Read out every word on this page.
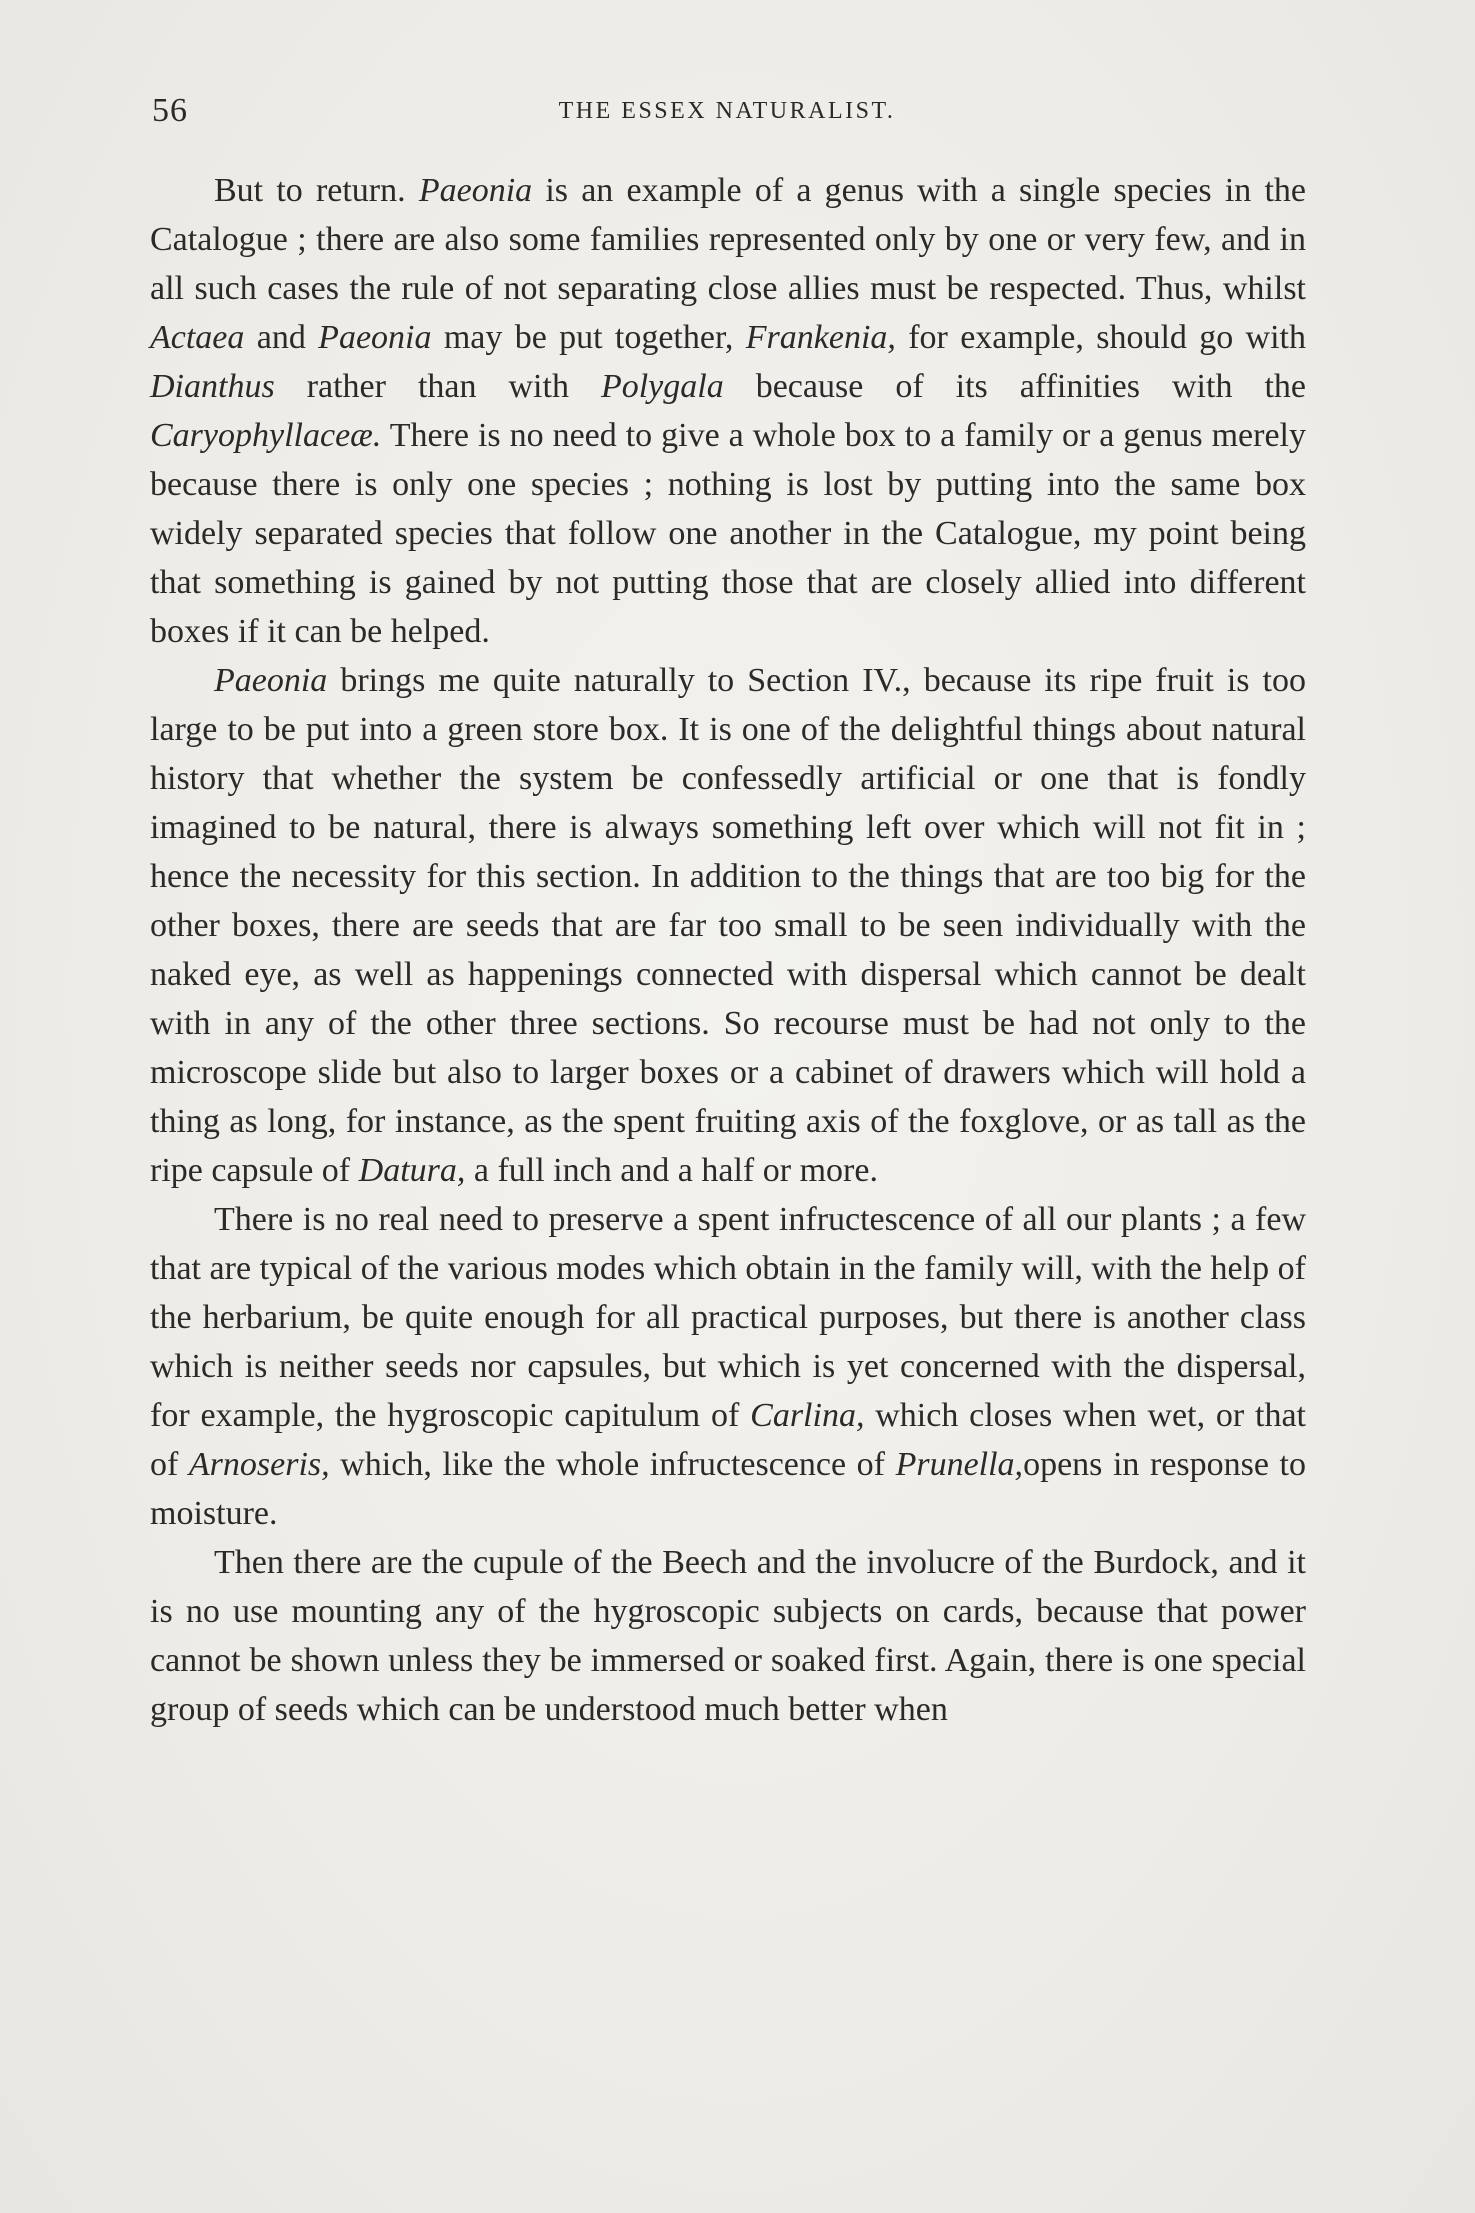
56	THE ESSEX NATURALIST.

But to return. Paeonia is an example of a genus with a single species in the Catalogue ; there are also some families represented only by one or very few, and in all such cases the rule of not separating close allies must be respected. Thus, whilst Actaea and Paeonia may be put together, Frankenia, for example, should go with Dianthus rather than with Polygala because of its affinities with the Caryophyllaceæ. There is no need to give a whole box to a family or a genus merely because there is only one species ; nothing is lost by putting into the same box widely separated species that follow one another in the Catalogue, my point being that something is gained by not putting those that are closely allied into different boxes if it can be helped.

Paeonia brings me quite naturally to Section IV., because its ripe fruit is too large to be put into a green store box. It is one of the delightful things about natural history that whether the system be confessedly artificial or one that is fondly imagined to be natural, there is always something left over which will not fit in ; hence the necessity for this section. In addition to the things that are too big for the other boxes, there are seeds that are far too small to be seen individually with the naked eye, as well as happenings connected with dispersal which cannot be dealt with in any of the other three sections. So recourse must be had not only to the microscope slide but also to larger boxes or a cabinet of drawers which will hold a thing as long, for instance, as the spent fruiting axis of the foxglove, or as tall as the ripe capsule of Datura, a full inch and a half or more.

There is no real need to preserve a spent infructescence of all our plants ; a few that are typical of the various modes which obtain in the family will, with the help of the herbarium, be quite enough for all practical purposes, but there is another class which is neither seeds nor capsules, but which is yet concerned with the dispersal, for example, the hygroscopic capitulum of Carlina, which closes when wet, or that of Arnoseris, which, like the whole infructescence of Prunella,opens in response to moisture.

Then there are the cupule of the Beech and the involucre of the Burdock, and it is no use mounting any of the hygroscopic subjects on cards, because that power cannot be shown unless they be immersed or soaked first. Again, there is one special group of seeds which can be understood much better when
